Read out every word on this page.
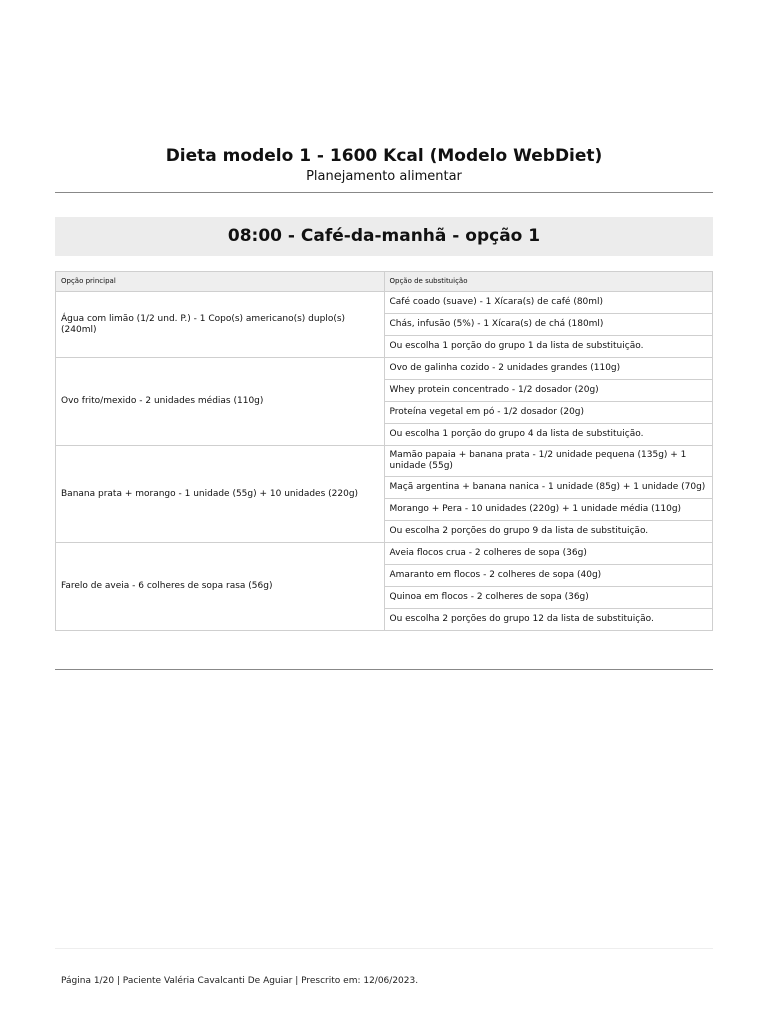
Dieta modelo 1 - 1600 Kcal (Modelo WebDiet)
Planejamento alimentar
08:00 - Café-da-manhã - opção 1
Opção principal	Opção de substituição
Água com limão (1/2 und. P.) - 1 Copo(s) americano(s) duplo(s) (240ml)	Café coado (suave) - 1 Xícara(s) de café (80ml)
	Chás, infusão (5%) - 1 Xícara(s) de chá (180ml)
	Ou escolha 1 porção do grupo 1 da lista de substituição.
Ovo frito/mexido - 2 unidades médias (110g)	Ovo de galinha cozido - 2 unidades grandes (110g)
	Whey protein concentrado - 1/2 dosador (20g)
	Proteína vegetal em pó - 1/2 dosador (20g)
	Ou escolha 1 porção do grupo 4 da lista de substituição.
Banana prata + morango - 1 unidade (55g) + 10 unidades (220g)	Mamão papaia + banana prata - 1/2 unidade pequena (135g) + 1 unidade (55g)
	Maçã argentina + banana nanica - 1 unidade (85g) + 1 unidade (70g)
	Morango + Pera - 10 unidades (220g) + 1 unidade média (110g)
	Ou escolha 2 porções do grupo 9 da lista de substituição.
Farelo de aveia - 6 colheres de sopa rasa (56g)	Aveia flocos crua - 2 colheres de sopa (36g)
	Amaranto em flocos - 2 colheres de sopa (40g)
	Quinoa em flocos - 2 colheres de sopa (36g)
	Ou escolha 2 porções do grupo 12 da lista de substituição.
Página 1/20 | Paciente Valéria Cavalcanti De Aguiar | Prescrito em: 12/06/2023.
